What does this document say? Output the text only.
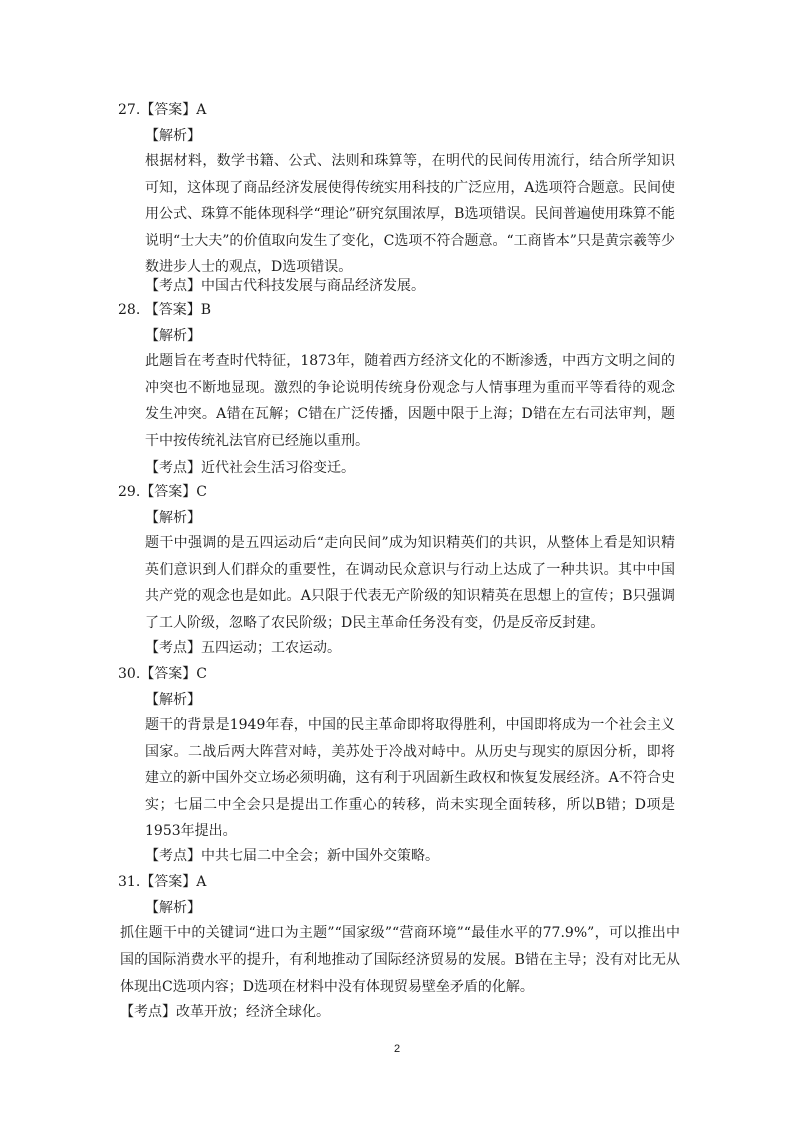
27.【答案】A
【解析】
根据材料，数学书籍、公式、法则和珠算等，在明代的民间传用流行，结合所学知识可知，这体现了商品经济发展使得传统实用科技的广泛应用，A选项符合题意。民间使用公式、珠算不能体现科学“理论”研究氛围浓厚，B选项错误。民间普遍使用珠算不能说明“士大夫”的价值取向发生了变化，C选项不符合题意。“工商皆本”只是黄宗羲等少数进步人士的观点，D选项错误。
【考点】中国古代科技发展与商品经济发展。
28. 【答案】B
【解析】
此题旨在考查时代特征，1873年，随着西方经济文化的不断渗透，中西方文明之间的冲突也不断地显现。激烈的争论说明传统身份观念与人情事理为重而平等看待的观念发生冲突。A错在瓦解；C错在广泛传播，因题中限于上海；D错在左右司法审判，题干中按传统礼法官府已经施以重刑。
【考点】近代社会生活习俗变迁。
29.【答案】C
【解析】
题干中强调的是五四运动后“走向民间”成为知识精英们的共识，从整体上看是知识精英们意识到人们群众的重要性，在调动民众意识与行动上达成了一种共识。其中中国共产党的观念也是如此。A只限于代表无产阶级的知识精英在思想上的宣传；B只强调了工人阶级，忽略了农民阶级；D民主革命任务没有变，仍是反帝反封建。
【考点】五四运动；工农运动。
30.【答案】C
【解析】
题干的背景是1949年春，中国的民主革命即将取得胜利，中国即将成为一个社会主义国家。二战后两大阵营对峙，美苏处于冷战对峙中。从历史与现实的原因分析，即将建立的新中国外交立场必须明确，这有利于巩固新生政权和恢复发展经济。A不符合史实；七届二中全会只是提出工作重心的转移，尚未实现全面转移，所以B错；D项是1953年提出。
【考点】中共七届二中全会；新中国外交策略。
31.【答案】A
【解析】
抓住题干中的关键词“进口为主题”“国家级”“营商环境”“最佳水平的77.9%”，可以推出中国的国际消费水平的提升，有利地推动了国际经济贸易的发展。B错在主导；没有对比无从体现出C选项内容；D选项在材料中没有体现贸易壁垒矛盾的化解。
【考点】改革开放；经济全球化。
2
